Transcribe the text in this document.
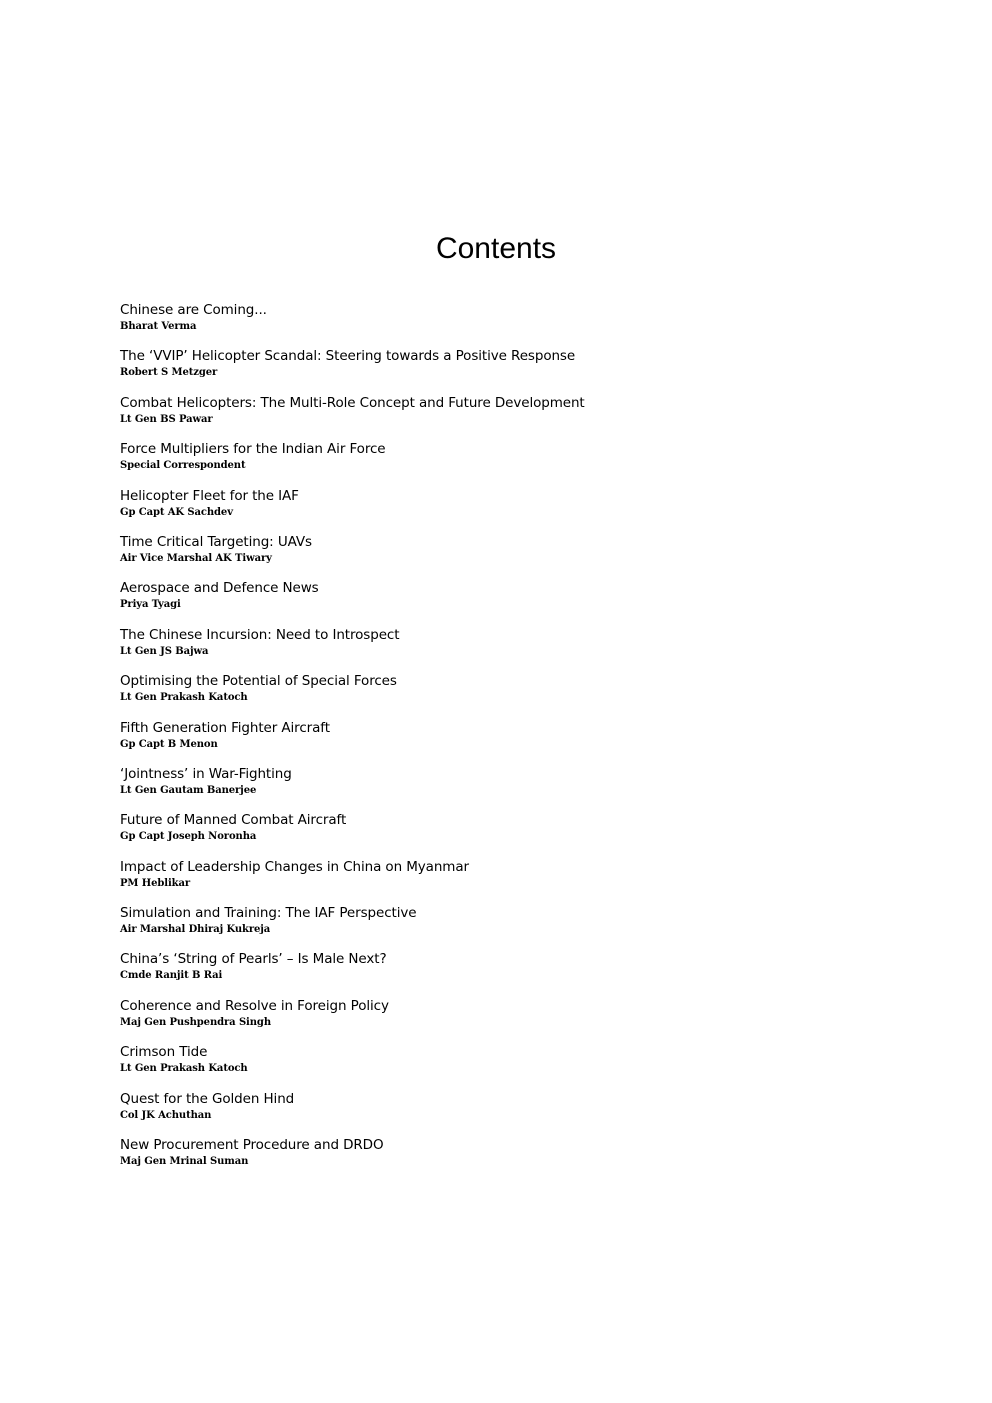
Contents
Chinese are Coming...
Bharat Verma
The ‘VVIP’ Helicopter Scandal: Steering towards a Positive Response
Robert S Metzger
Combat Helicopters: The Multi-Role Concept and Future Development
Lt Gen BS Pawar
Force Multipliers for the Indian Air Force
Special Correspondent
Helicopter Fleet for the IAF
Gp Capt AK Sachdev
Time Critical Targeting: UAVs
Air Vice Marshal AK Tiwary
Aerospace and Defence News
Priya Tyagi
The Chinese Incursion: Need to Introspect
Lt Gen JS Bajwa
Optimising the Potential of Special Forces
Lt Gen Prakash Katoch
Fifth Generation Fighter Aircraft
Gp Capt B Menon
‘Jointness’ in War-Fighting
Lt Gen Gautam Banerjee
Future of Manned Combat Aircraft
Gp Capt Joseph Noronha
Impact of Leadership Changes in China on Myanmar
PM Heblikar
Simulation and Training: The IAF Perspective
Air Marshal Dhiraj Kukreja
China’s ‘String of Pearls’ – Is Male Next?
Cmde Ranjit B Rai
Coherence and Resolve in Foreign Policy
Maj Gen Pushpendra Singh
Crimson Tide
Lt Gen Prakash Katoch
Quest for the Golden Hind
Col JK Achuthan
New Procurement Procedure and DRDO
Maj Gen Mrinal Suman
